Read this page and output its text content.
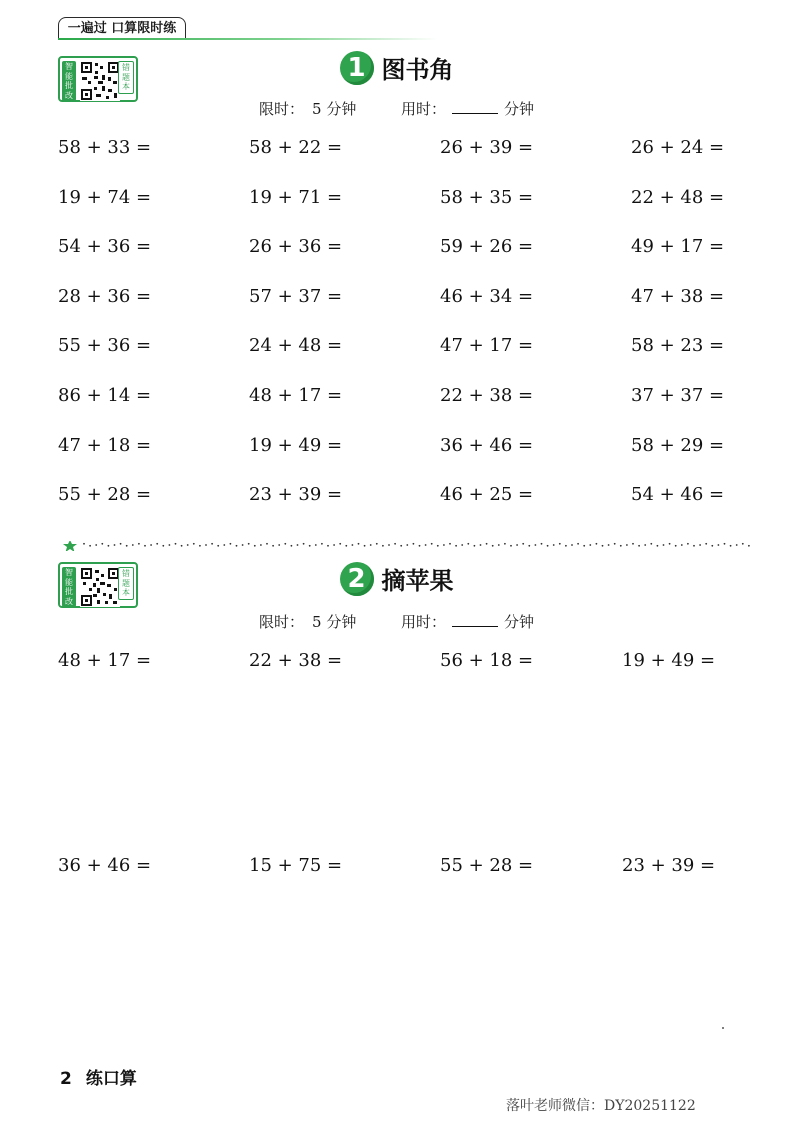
一遍过 口算限时练
智能批改
错题本
1 图书角
限时： 5 分钟	用时：	分钟
58 + 33 =	58 + 22 =	26 + 39 =	26 + 24 =
19 + 74 =	19 + 71 =	58 + 35 =	22 + 48 =
54 + 36 =	26 + 36 =	59 + 26 =	49 + 17 =
28 + 36 =	57 + 37 =	46 + 34 =	47 + 38 =
55 + 36 =	24 + 48 =	47 + 17 =	58 + 23 =
86 + 14 =	48 + 17 =	22 + 38 =	37 + 37 =
47 + 18 =	19 + 49 =	36 + 46 =	58 + 29 =
55 + 28 =	23 + 39 =	46 + 25 =	54 + 46 =
智能批改
错题本	2 摘苹果
限时： 5 分钟	用时：	分钟
48 + 17 =	22 + 38 =	56 + 18 =	19 + 49 =
36 + 46 =	15 + 75 =	55 + 28 =	23 + 39 =
2 练口算
落叶老师微信：DY20251122
